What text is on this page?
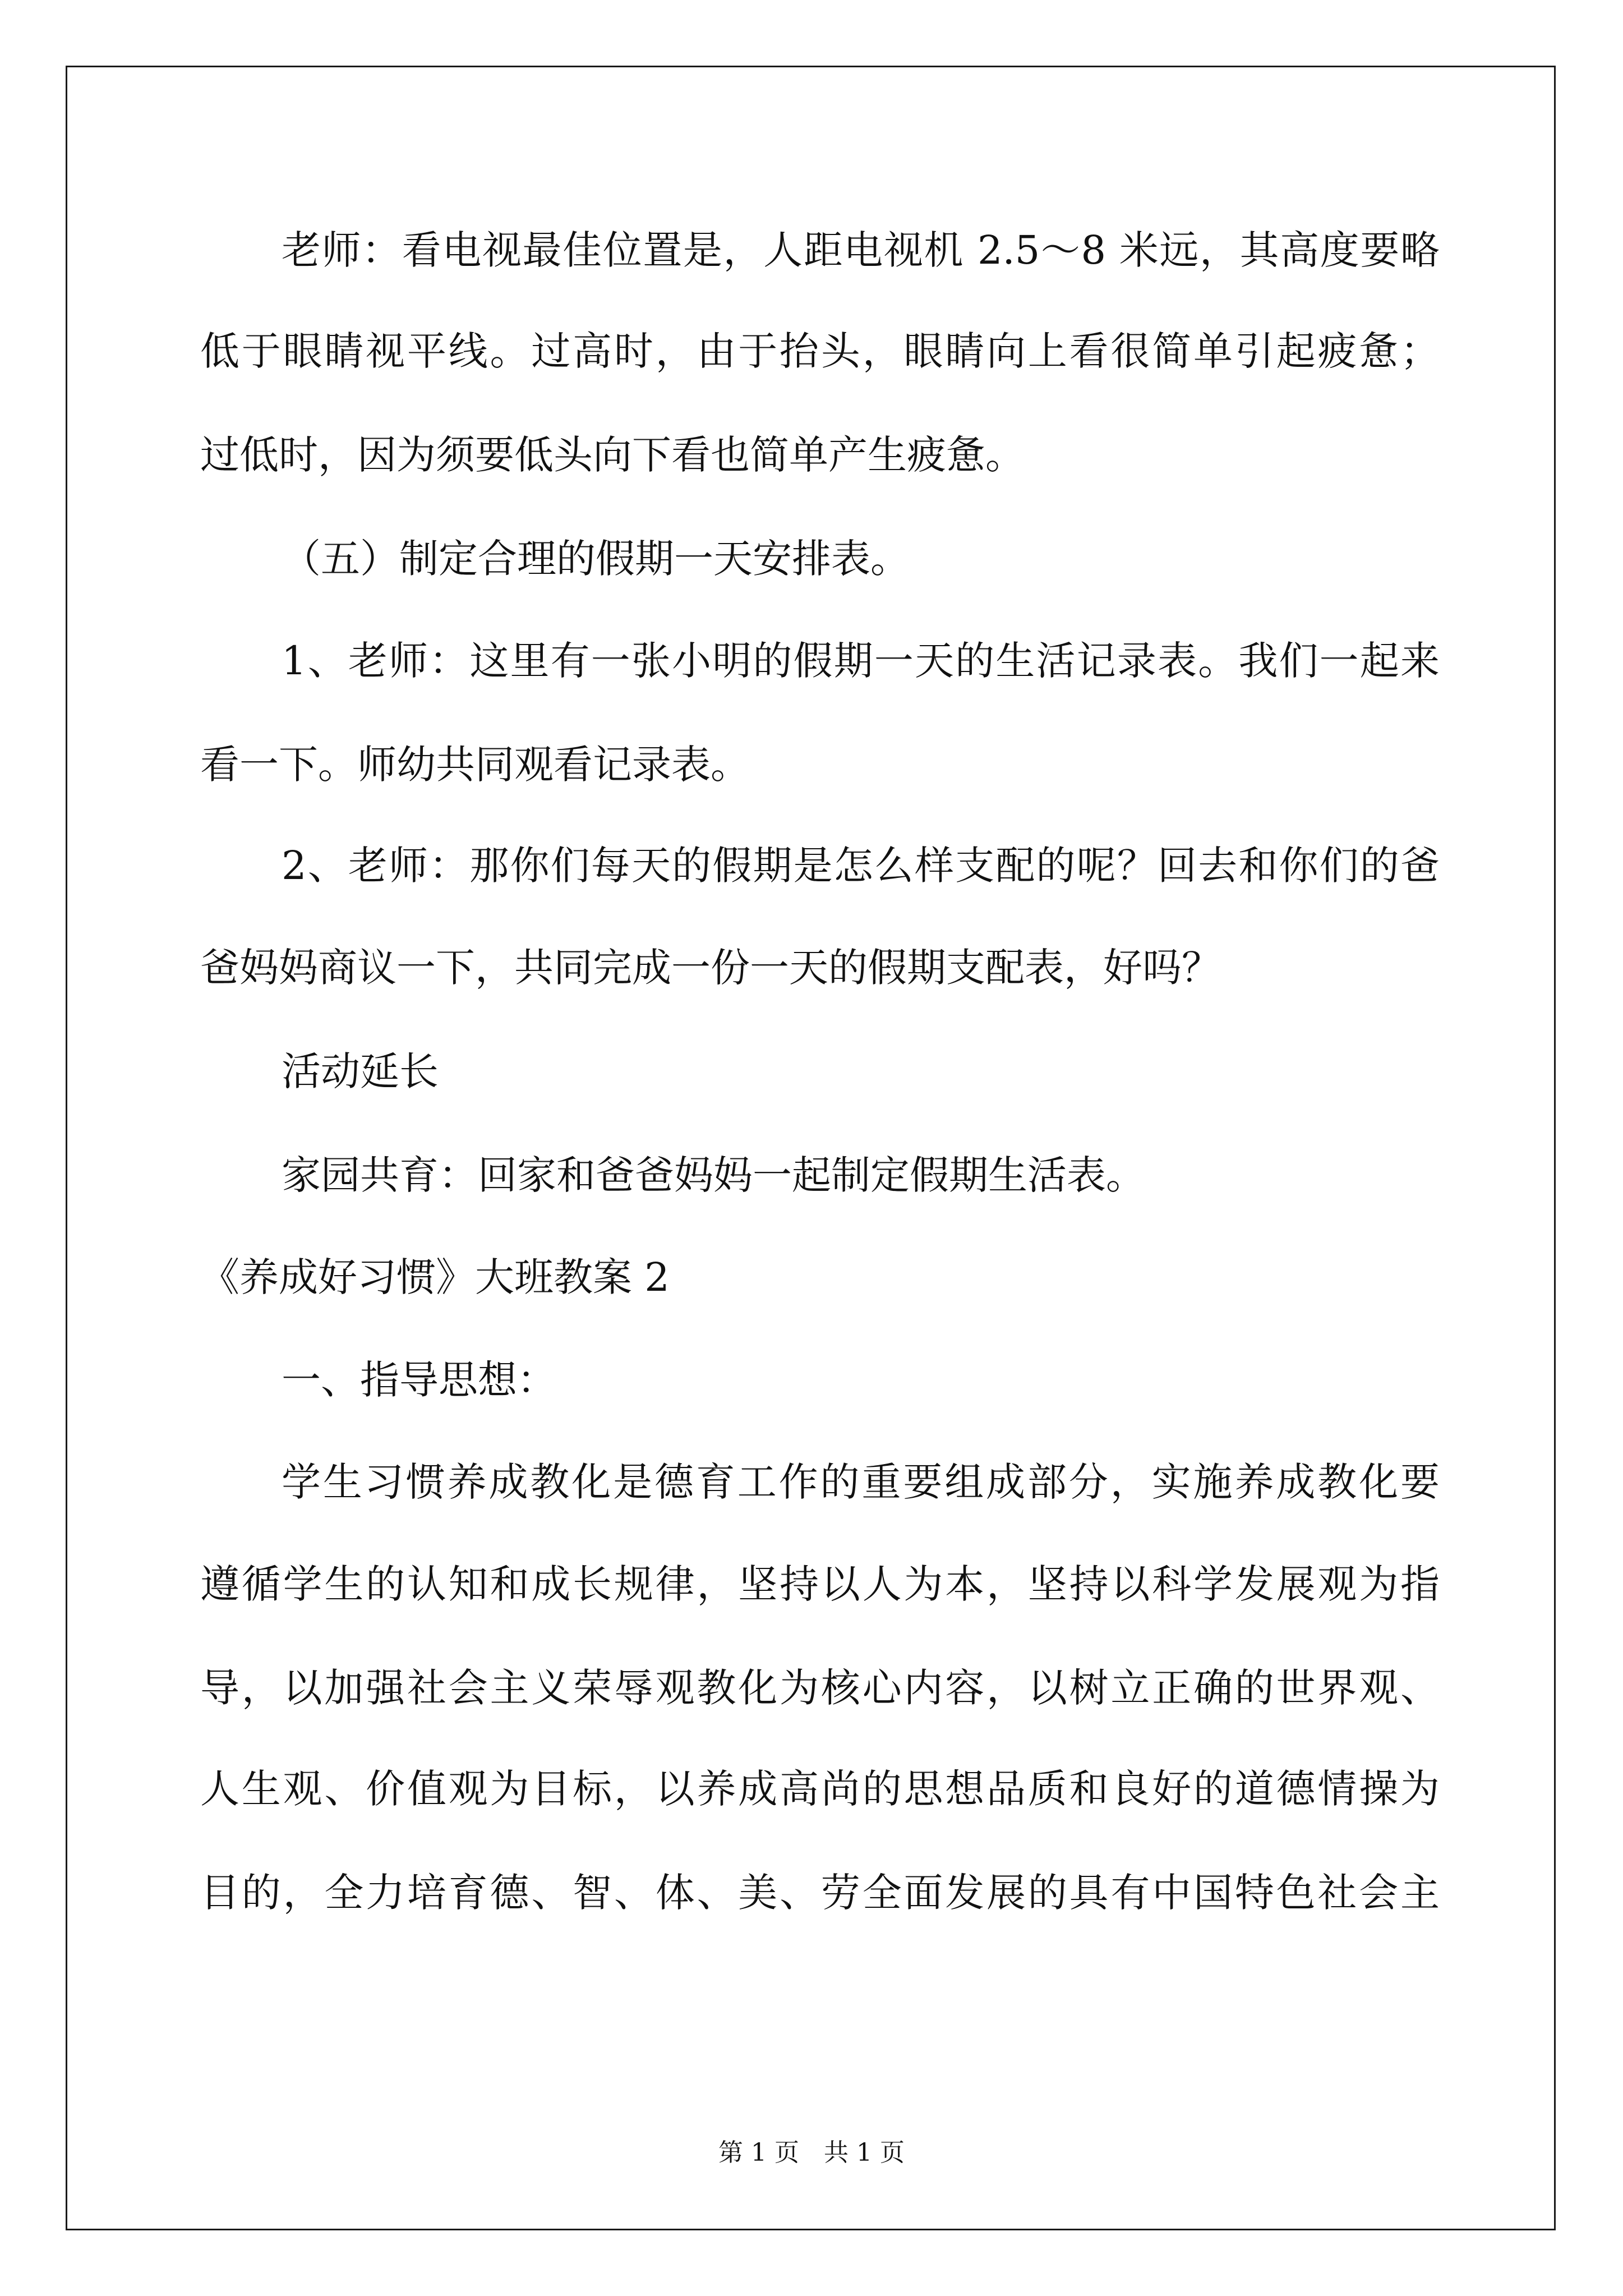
老师：看电视最佳位置是，人距电视机 2.5～8 米远，其高度要略

低于眼睛视平线。过高时，由于抬头，眼睛向上看很简单引起疲惫；

过低时，因为须要低头向下看也简单产生疲惫。

（五）制定合理的假期一天安排表。

1、老师：这里有一张小明的假期一天的生活记录表。我们一起来

看一下。师幼共同观看记录表。

2、老师：那你们每天的假期是怎么样支配的呢？回去和你们的爸

爸妈妈商议一下，共同完成一份一天的假期支配表，好吗？

活动延长

家园共育：回家和爸爸妈妈一起制定假期生活表。

《养成好习惯》大班教案 2

一、指导思想：

学生习惯养成教化是德育工作的重要组成部分，实施养成教化要

遵循学生的认知和成长规律，坚持以人为本，坚持以科学发展观为指

导，以加强社会主义荣辱观教化为核心内容，以树立正确的世界观、

人生观、价值观为目标，以养成高尚的思想品质和良好的道德情操为

目的，全力培育德、智、体、美、劳全面发展的具有中国特色社会主

第 1 页　共 1 页
